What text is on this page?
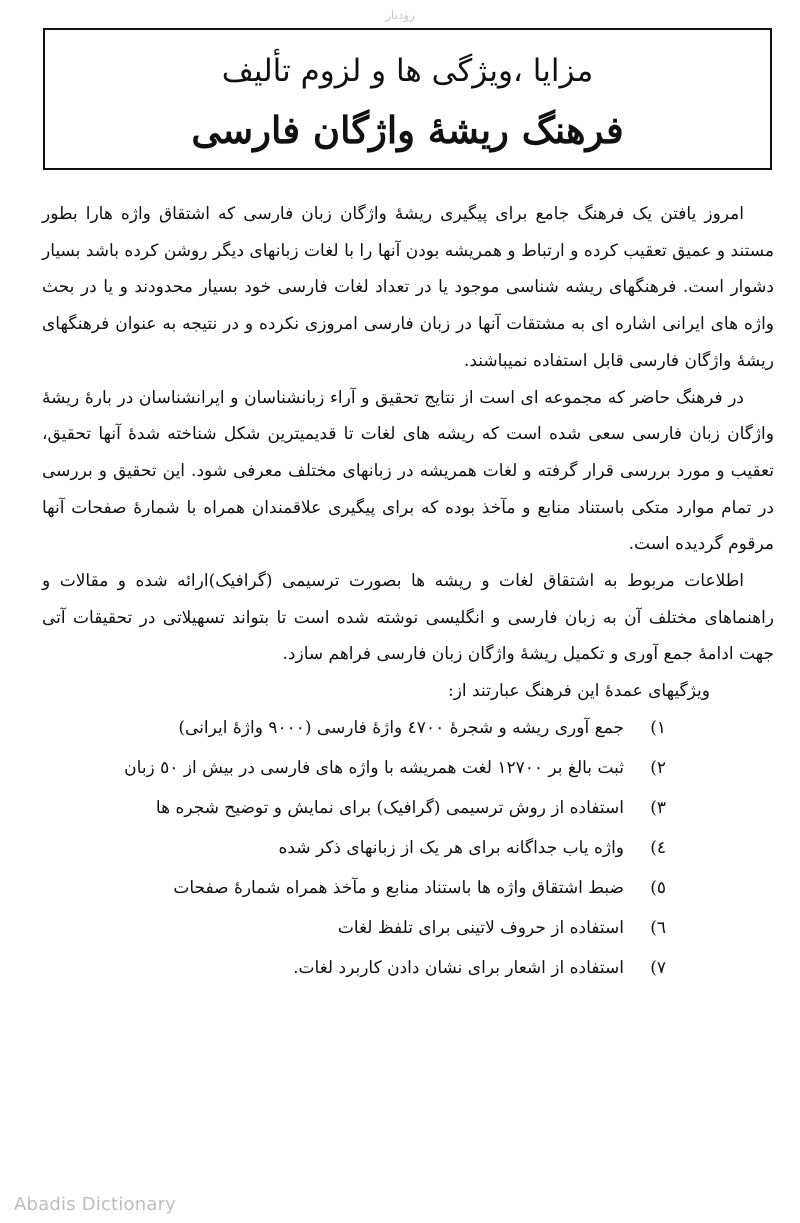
رودبار
مزایا ،ویژگی ها و لزوم تألیف
فرهنگ ریشۀ واژگان فارسی

امروز یافتن یک فرهنگ جامع برای پیگیری ریشۀ واژگان زبان فارسی که اشتقاق واژه هارا بطور مستند و عمیق تعقیب کرده و ارتباط و همریشه بودن آنها را با لغات زبانهای دیگر روشن کرده باشد بسیار دشوار است. فرهنگهای ریشه شناسی موجود یا در تعداد لغات فارسی خود بسیار محدودند و یا در بحث واژه های ایرانی اشاره ای به مشتقات آنها در زبان فارسی امروزی نکرده و در نتیجه به عنوان فرهنگهای ریشۀ واژگان فارسی قابل استفاده نمیباشند.

در فرهنگ حاضر که مجموعه ای است از نتایج تحقیق و آراء زبانشناسان و ایرانشناسان در بارۀ ریشۀ واژگان زبان فارسی سعی شده است که ریشه های لغات تا قدیمیترین شکل شناخته شدۀ آنها تحقیق، تعقیب و مورد بررسی قرار گرفته و لغات همریشه در زبانهای مختلف معرفی شود. این تحقیق و بررسی در تمام موارد متکی باستناد منابع و مآخذ بوده که برای پیگیری علاقمندان همراه با شمارۀ صفحات آنها مرقوم گردیده است.

اطلاعات مربوط به اشتقاق لغات و ریشه ها بصورت ترسیمی (گرافیک)ارائه شده و مقالات و راهنماهای مختلف آن به زبان فارسی و انگلیسی نوشته شده است تا بتواند تسهیلاتی در تحقیقات آتی جهت ادامۀ جمع آوری و تکمیل ریشۀ واژگان زبان فارسی فراهم سازد.

ویژگیهای عمدۀ این فرهنگ عبارتند از:

۱)
جمع آوری ریشه و شجرۀ ٤٧٠٠ واژۀ فارسی (٩٠٠٠ واژۀ ایرانی)
۲)
ثبت بالغ بر ١٢٧٠٠ لغت همریشه با واژه های فارسی در بیش از ٥٠ زبان
۳)
استفاده از روش ترسیمی (گرافیک) برای نمایش و توضیح شجره ها
٤)
واژه یاب جداگانه برای هر یک از زبانهای ذکر شده
٥)
ضبط اشتقاق واژه ها باستناد منابع و مآخذ همراه شمارۀ صفحات
٦)
استفاده از حروف لاتینی برای تلفظ لغات
۷)
استفاده از اشعار برای نشان دادن کاربرد لغات.
Abadis Dictionary
